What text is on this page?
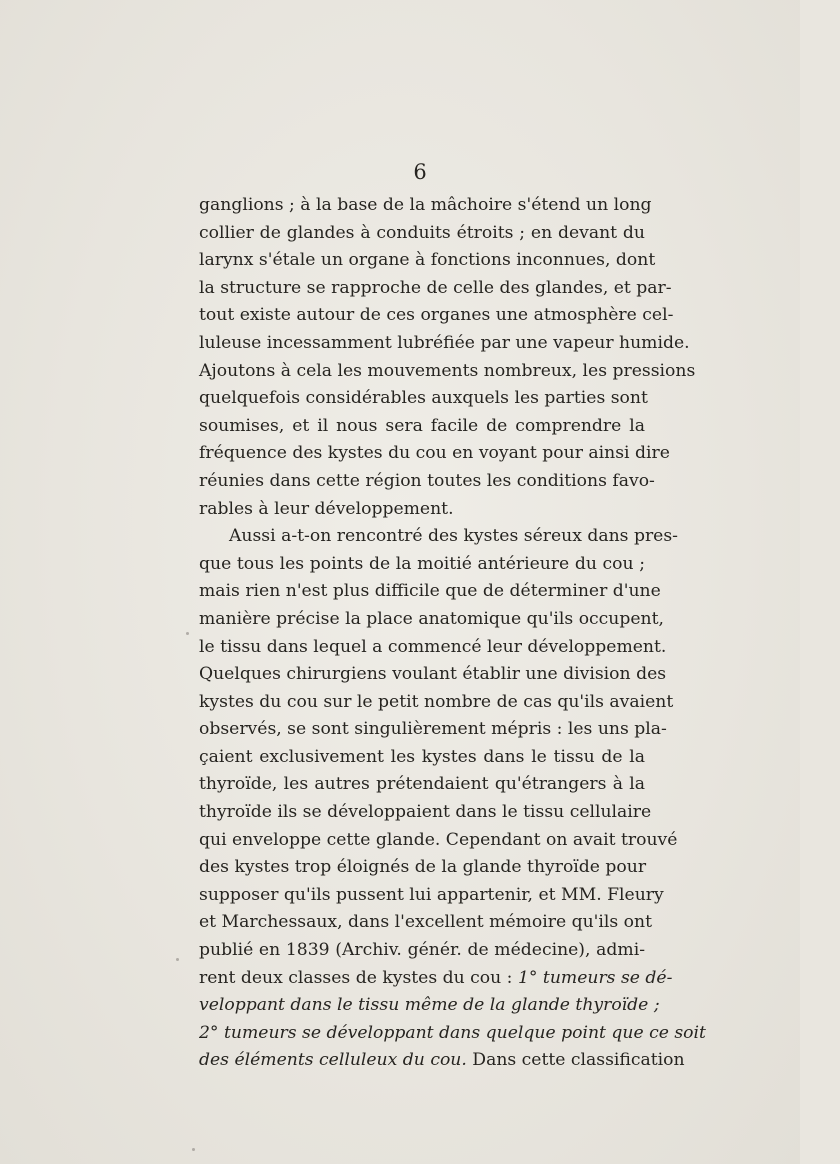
6
ganglions ; à la base de la mâchoire s'étend un long
collier de glandes à conduits étroits ; en devant du
larynx s'étale un organe à fonctions inconnues, dont
la structure se rapproche de celle des glandes, et par-
tout existe autour de ces organes une atmosphère cel-
luleuse incessamment lubréfiée par une vapeur humide.
Ajoutons à cela les mouvements nombreux, les pressions
quelquefois considérables auxquels les parties sont
soumises, et il nous sera facile de comprendre la
fréquence des kystes du cou en voyant pour ainsi dire
réunies dans cette région toutes les conditions favo-
rables à leur développement.
Aussi a-t-on rencontré des kystes séreux dans pres-
que tous les points de la moitié antérieure du cou ;
mais rien n'est plus difficile que de déterminer d'une
manière précise la place anatomique qu'ils occupent,
le tissu dans lequel a commencé leur développement.
Quelques chirurgiens voulant établir une division des
kystes du cou sur le petit nombre de cas qu'ils avaient
observés, se sont singulièrement mépris : les uns pla-
çaient exclusivement les kystes dans le tissu de la
thyroïde, les autres prétendaient qu'étrangers à la
thyroïde ils se développaient dans le tissu cellulaire
qui enveloppe cette glande. Cependant on avait trouvé
des kystes trop éloignés de la glande thyroïde pour
supposer qu'ils pussent lui appartenir, et MM. Fleury
et Marchessaux, dans l'excellent mémoire qu'ils ont
publié en 1839 (Archiv. génér. de médecine), admi-
rent deux classes de kystes du cou : 1° tumeurs se dé-
veloppant dans le tissu même de la glande thyroïde ;
2° tumeurs se développant dans quelque point que ce soit
des éléments celluleux du cou. Dans cette classification
